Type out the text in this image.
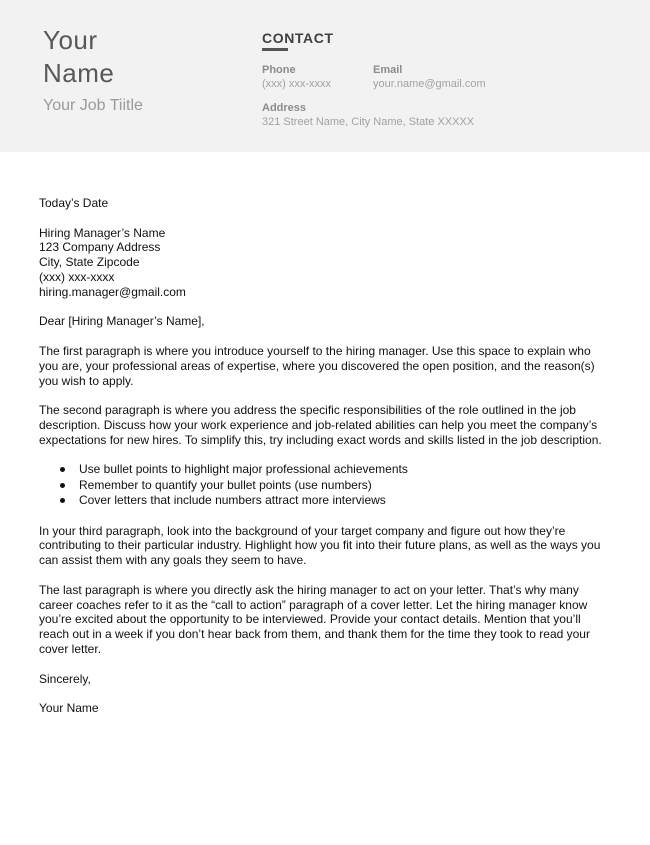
Your
Name
Your Job Tiitle
CONTACT
Phone
(xxx) xxx-xxxx
Email
your.name@gmail.com
Address
321 Street Name, City Name, State XXXXX

Today’s Date

Hiring Manager’s Name
123 Company Address
City, State Zipcode
(xxx) xxx-xxxx
hiring.manager@gmail.com

Dear [Hiring Manager’s Name],

The first paragraph is where you introduce yourself to the hiring manager. Use this space to explain who you are, your professional areas of expertise, where you discovered the open position, and the reason(s) you wish to apply.

The second paragraph is where you address the specific responsibilities of the role outlined in the job description. Discuss how your work experience and job-related abilities can help you meet the company’s expectations for new hires. To simplify this, try including exact words and skills listed in the job description.

Use bullet points to highlight major professional achievements
Remember to quantify your bullet points (use numbers)
Cover letters that include numbers attract more interviews

In your third paragraph, look into the background of your target company and figure out how they’re contributing to their particular industry. Highlight how you fit into their future plans, as well as the ways you can assist them with any goals they seem to have.

The last paragraph is where you directly ask the hiring manager to act on your letter. That’s why many career coaches refer to it as the “call to action” paragraph of a cover letter. Let the hiring manager know you’re excited about the opportunity to be interviewed. Provide your contact details. Mention that you’ll reach out in a week if you don’t hear back from them, and thank them for the time they took to read your cover letter.

Sincerely,

Your Name
